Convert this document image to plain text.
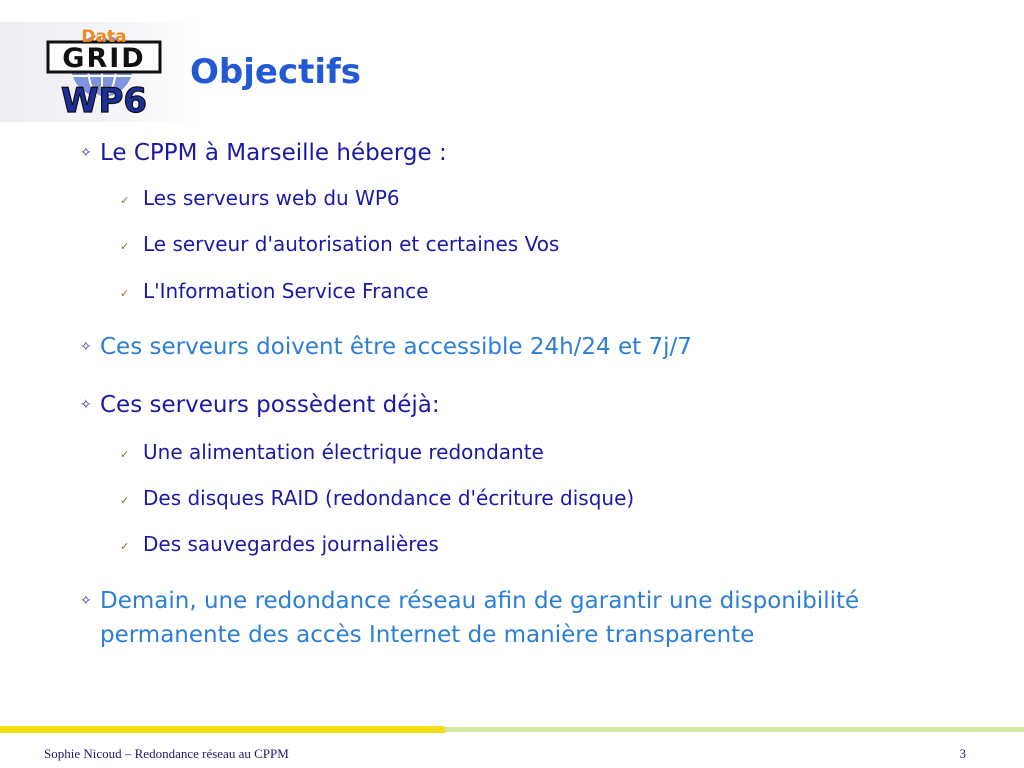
GRID
Data
WP6
Objectifs
✧ Le CPPM à Marseille héberge :
✓ Les serveurs web du WP6
✓ Le serveur d'autorisation et certaines Vos
✓ L'Information Service France
✧ Ces serveurs doivent être accessible 24h/24 et 7j/7
✧ Ces serveurs possèdent déjà:
✓ Une alimentation électrique redondante
✓ Des disques RAID (redondance d'écriture disque)
✓ Des sauvegardes journalières
✧ Demain, une redondance réseau afin de garantir une disponibilité permanente des accès Internet de manière transparente
Sophie Nicoud – Redondance réseau au CPPM	3
